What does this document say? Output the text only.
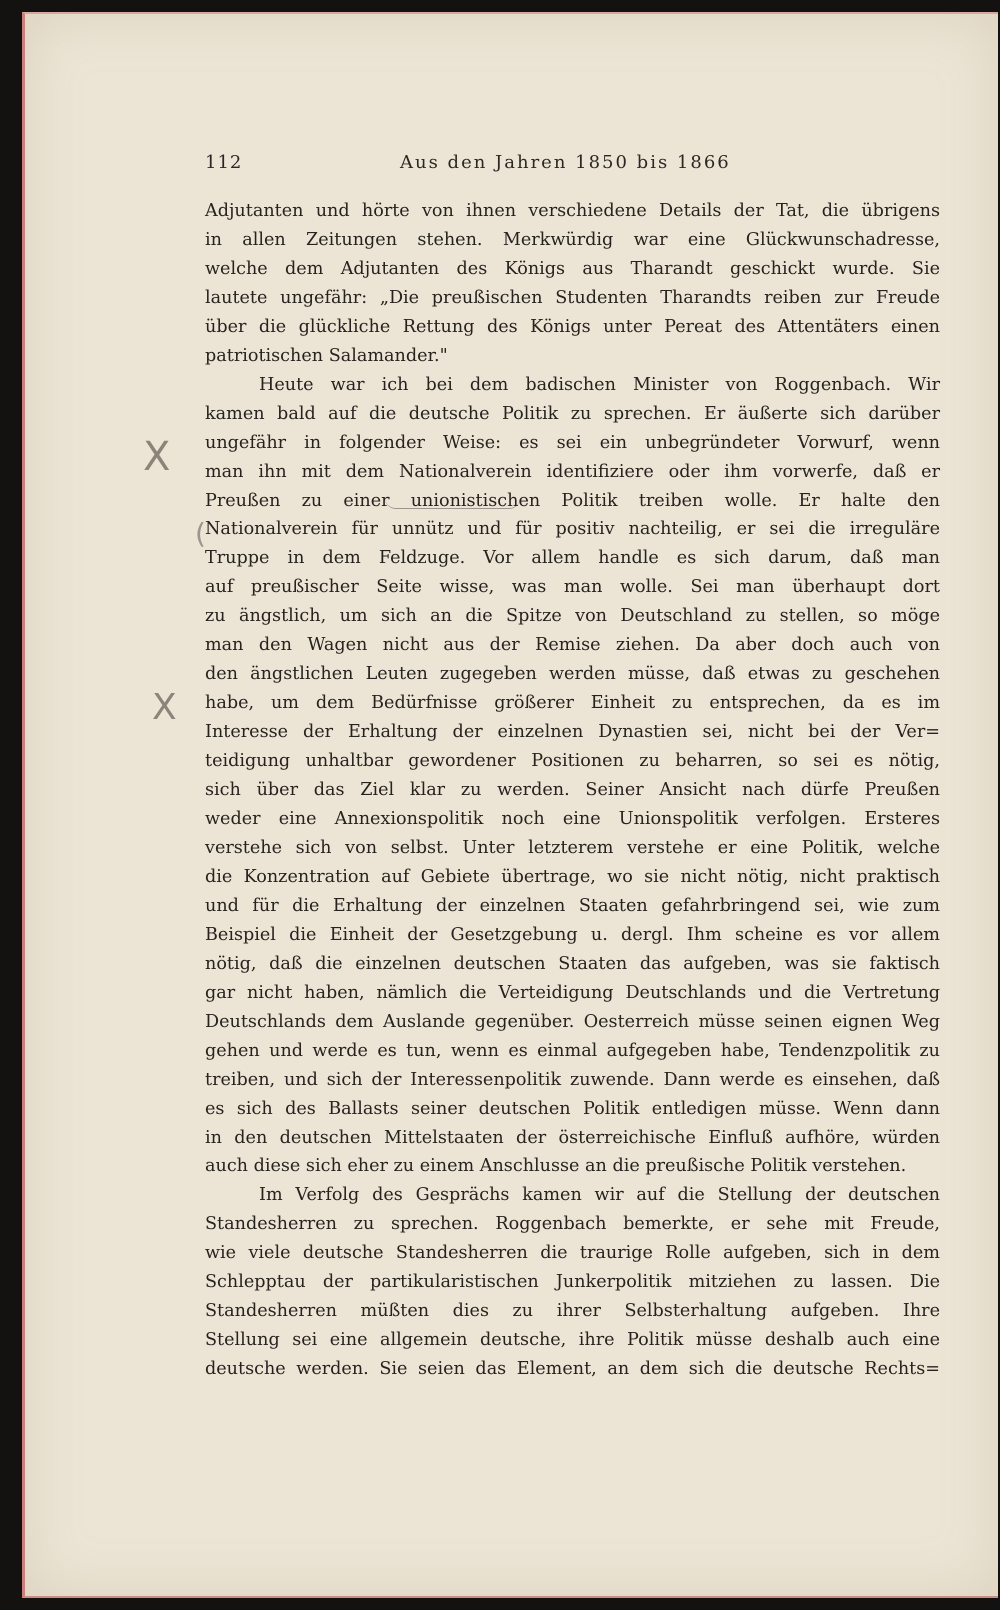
112	Aus den Jahren 1850 bis 1866
X
X
(
Adjutanten und hörte von ihnen verschiedene Details der Tat, die übrigens
in allen Zeitungen stehen. Merkwürdig war eine Glückwunschadresse,
welche dem Adjutanten des Königs aus Tharandt geschickt wurde. Sie
lautete ungefähr: „Die preußischen Studenten Tharandts reiben zur Freude
über die glückliche Rettung des Königs unter Pereat des Attentäters einen
patriotischen Salamander."
Heute war ich bei dem badischen Minister von Roggenbach. Wir
kamen bald auf die deutsche Politik zu sprechen. Er äußerte sich darüber
ungefähr in folgender Weise: es sei ein unbegründeter Vorwurf, wenn
man ihn mit dem Nationalverein identifiziere oder ihm vorwerfe, daß er
Preußen zu einer unionistischen Politik treiben wolle. Er halte den
Nationalverein für unnütz und für positiv nachteilig, er sei die irreguläre
Truppe in dem Feldzuge. Vor allem handle es sich darum, daß man
auf preußischer Seite wisse, was man wolle. Sei man überhaupt dort
zu ängstlich, um sich an die Spitze von Deutschland zu stellen, so möge
man den Wagen nicht aus der Remise ziehen. Da aber doch auch von
den ängstlichen Leuten zugegeben werden müsse, daß etwas zu geschehen
habe, um dem Bedürfnisse größerer Einheit zu entsprechen, da es im
Interesse der Erhaltung der einzelnen Dynastien sei, nicht bei der Ver=
teidigung unhaltbar gewordener Positionen zu beharren, so sei es nötig,
sich über das Ziel klar zu werden. Seiner Ansicht nach dürfe Preußen
weder eine Annexionspolitik noch eine Unionspolitik verfolgen. Ersteres
verstehe sich von selbst. Unter letzterem verstehe er eine Politik, welche
die Konzentration auf Gebiete übertrage, wo sie nicht nötig, nicht praktisch
und für die Erhaltung der einzelnen Staaten gefahrbringend sei, wie zum
Beispiel die Einheit der Gesetzgebung u. dergl. Ihm scheine es vor allem
nötig, daß die einzelnen deutschen Staaten das aufgeben, was sie faktisch
gar nicht haben, nämlich die Verteidigung Deutschlands und die Vertretung
Deutschlands dem Auslande gegenüber. Oesterreich müsse seinen eignen Weg
gehen und werde es tun, wenn es einmal aufgegeben habe, Tendenzpolitik zu
treiben, und sich der Interessenpolitik zuwende. Dann werde es einsehen, daß
es sich des Ballasts seiner deutschen Politik entledigen müsse. Wenn dann
in den deutschen Mittelstaaten der österreichische Einfluß aufhöre, würden
auch diese sich eher zu einem Anschlusse an die preußische Politik verstehen.
Im Verfolg des Gesprächs kamen wir auf die Stellung der deutschen
Standesherren zu sprechen. Roggenbach bemerkte, er sehe mit Freude,
wie viele deutsche Standesherren die traurige Rolle aufgeben, sich in dem
Schlepptau der partikularistischen Junkerpolitik mitziehen zu lassen. Die
Standesherren müßten dies zu ihrer Selbsterhaltung aufgeben. Ihre
Stellung sei eine allgemein deutsche, ihre Politik müsse deshalb auch eine
deutsche werden. Sie seien das Element, an dem sich die deutsche Rechts=
